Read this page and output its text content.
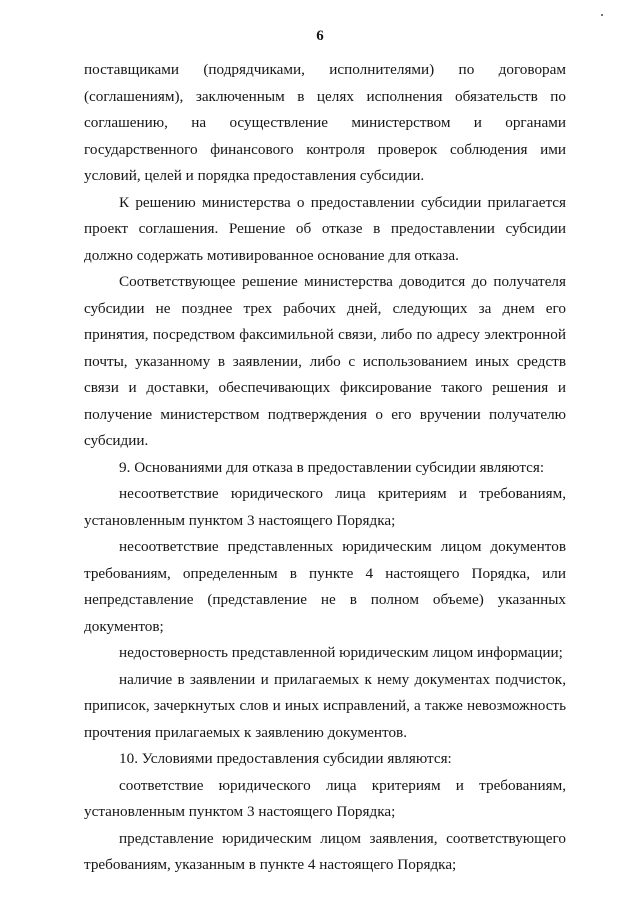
6

поставщиками (подрядчиками, исполнителями) по договорам (соглашениям), заключенным в целях исполнения обязательств по соглашению, на осуществление министерством и органами государственного финансового контроля проверок соблюдения ими условий, целей и порядка предоставления субсидии.

К решению министерства о предоставлении субсидии прилагается проект соглашения. Решение об отказе в предоставлении субсидии должно содержать мотивированное основание для отказа.

Соответствующее решение министерства доводится до получателя субсидии не позднее трех рабочих дней, следующих за днем его принятия, посредством факсимильной связи, либо по адресу электронной почты, указанному в заявлении, либо с использованием иных средств связи и доставки, обеспечивающих фиксирование такого решения и получение министерством подтверждения о его вручении получателю субсидии.

9. Основаниями для отказа в предоставлении субсидии являются:

несоответствие юридического лица критериям и требованиям, установленным пунктом 3 настоящего Порядка;

несоответствие представленных юридическим лицом документов требованиям, определенным в пункте 4 настоящего Порядка, или непредставление (представление не в полном объеме) указанных документов;

недостоверность представленной юридическим лицом информации;

наличие в заявлении и прилагаемых к нему документах подчисток, приписок, зачеркнутых слов и иных исправлений, а также невозможность прочтения прилагаемых к заявлению документов.

10. Условиями предоставления субсидии являются:

соответствие юридического лица критериям и требованиям, установленным пунктом 3 настоящего Порядка;

представление юридическим лицом заявления, соответствующего требованиям, указанным в пункте 4 настоящего Порядка;
